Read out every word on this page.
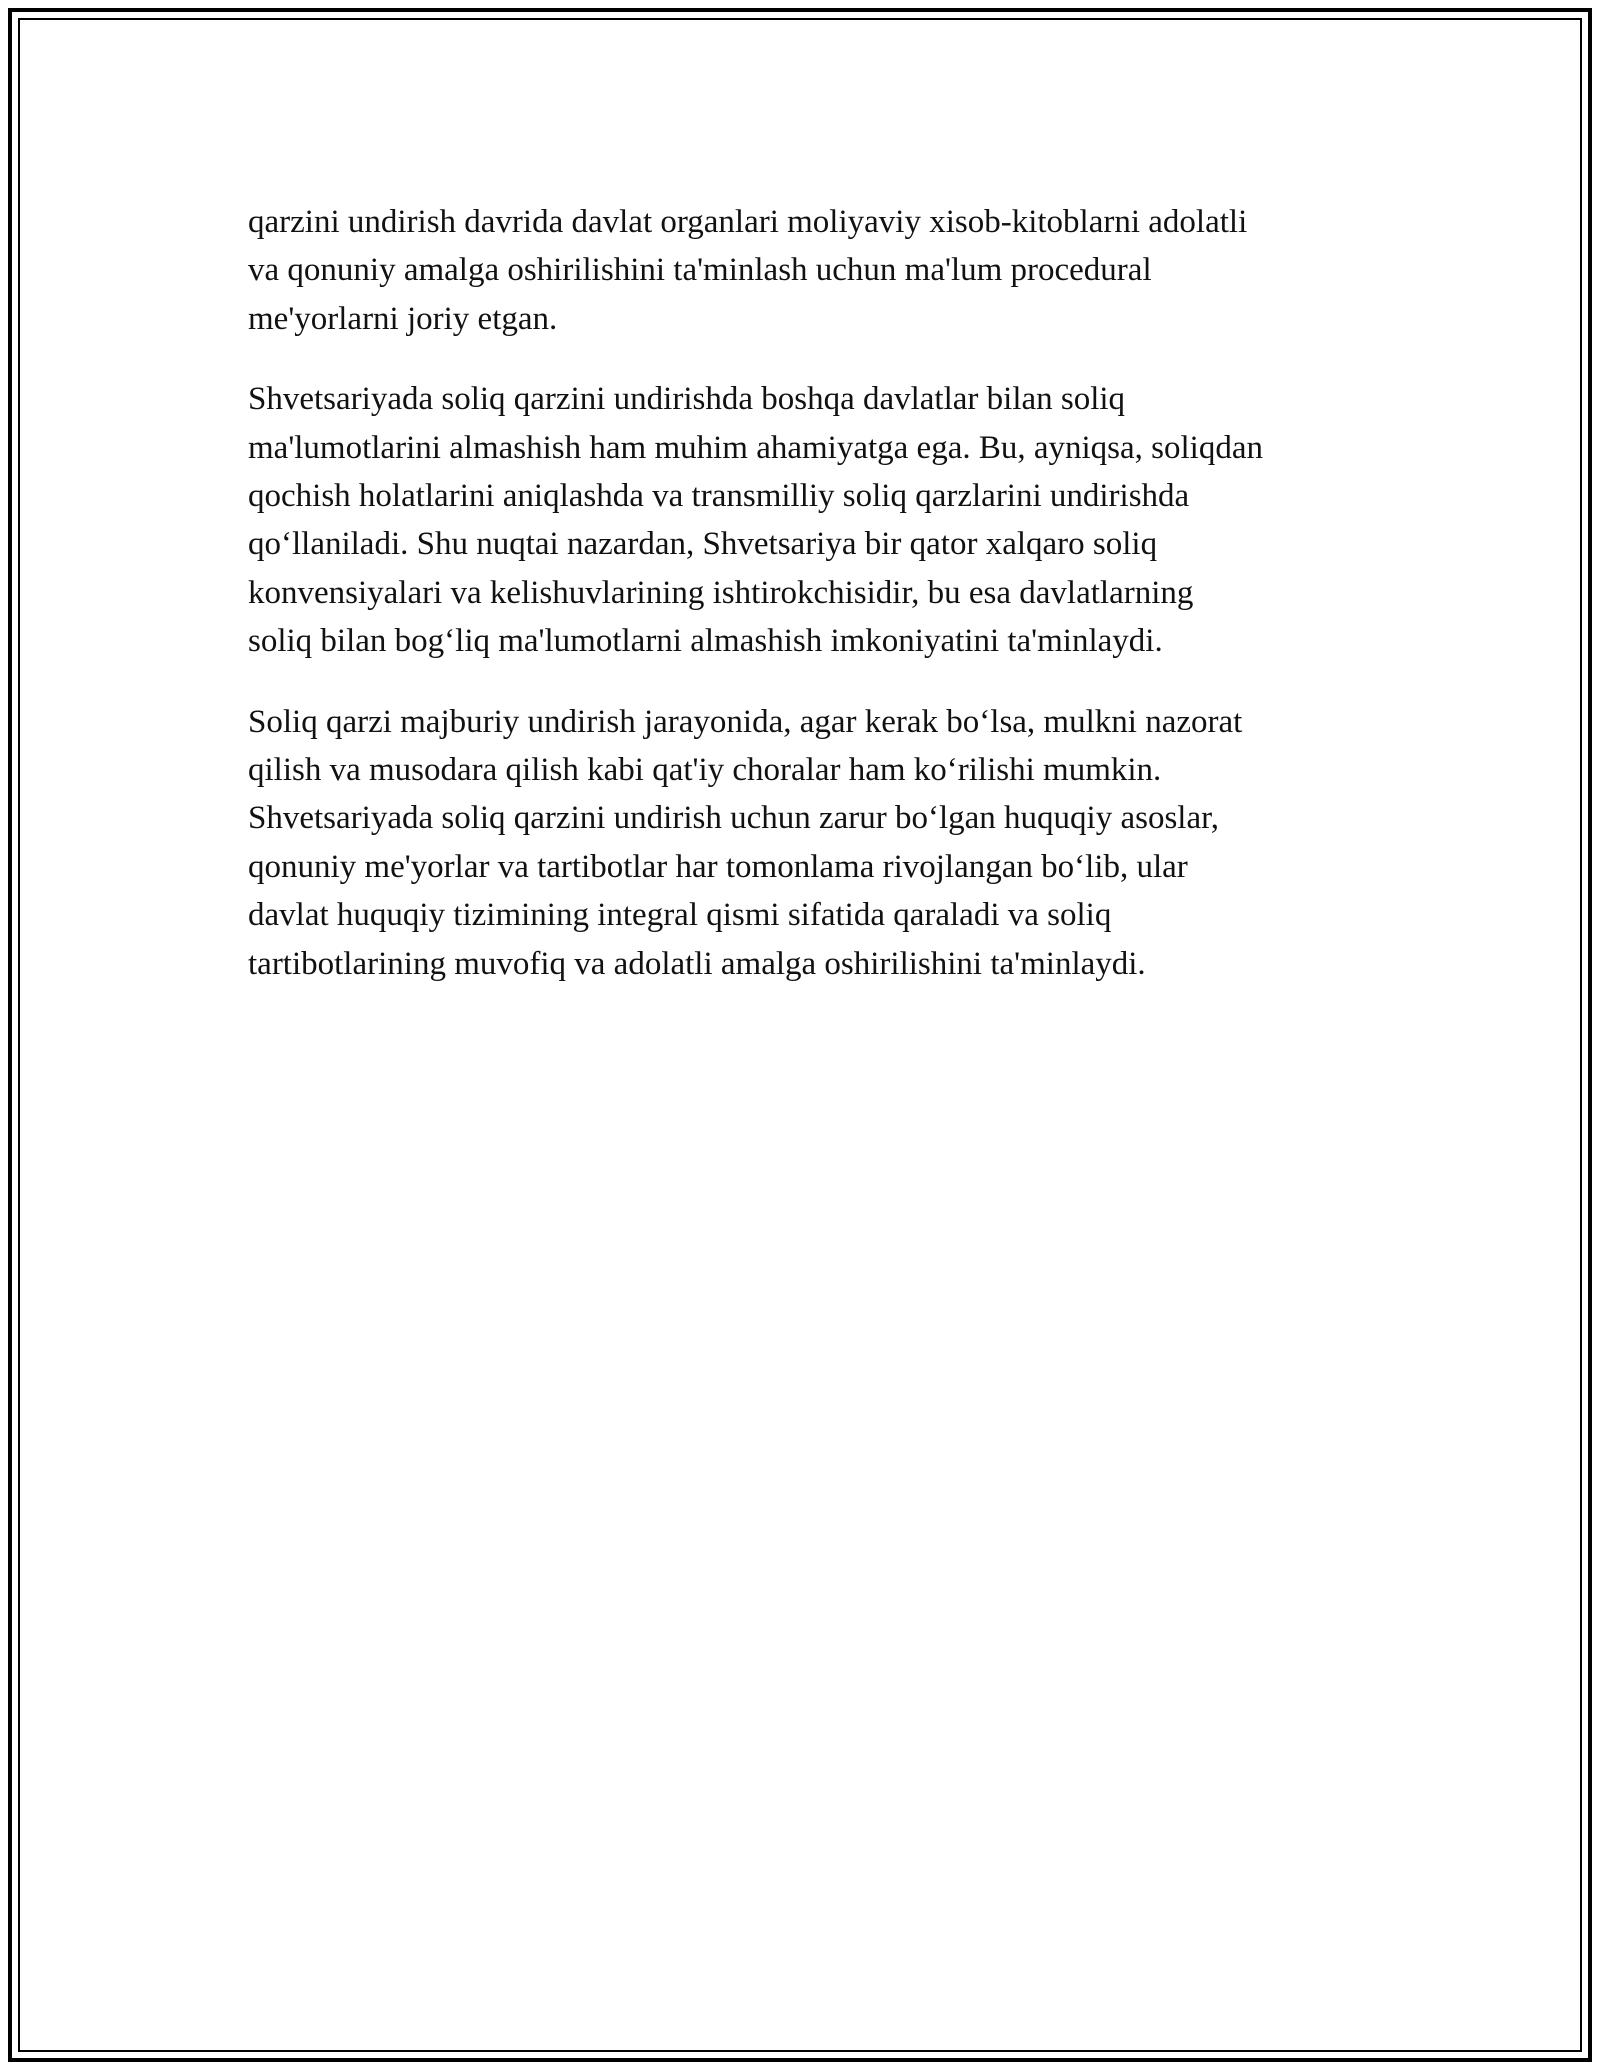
qarzini undirish davrida davlat organlari moliyaviy xisob-kitoblarni adolatli
va qonuniy amalga oshirilishini ta'minlash uchun ma'lum procedural
me'yorlarni joriy etgan.

Shvetsariyada soliq qarzini undirishda boshqa davlatlar bilan soliq
ma'lumotlarini almashish ham muhim ahamiyatga ega. Bu, ayniqsa, soliqdan
qochish holatlarini aniqlashda va transmilliy soliq qarzlarini undirishda
qo‘llaniladi. Shu nuqtai nazardan, Shvetsariya bir qator xalqaro soliq
konvensiyalari va kelishuvlarining ishtirokchisidir, bu esa davlatlarning
soliq bilan bog‘liq ma'lumotlarni almashish imkoniyatini ta'minlaydi.

Soliq qarzi majburiy undirish jarayonida, agar kerak bo‘lsa, mulkni nazorat
qilish va musodara qilish kabi qat'iy choralar ham ko‘rilishi mumkin.
Shvetsariyada soliq qarzini undirish uchun zarur bo‘lgan huquqiy asoslar,
qonuniy me'yorlar va tartibotlar har tomonlama rivojlangan bo‘lib, ular
davlat huquqiy tizimining integral qismi sifatida qaraladi va soliq
tartibotlarining muvofiq va adolatli amalga oshirilishini ta'minlaydi.
